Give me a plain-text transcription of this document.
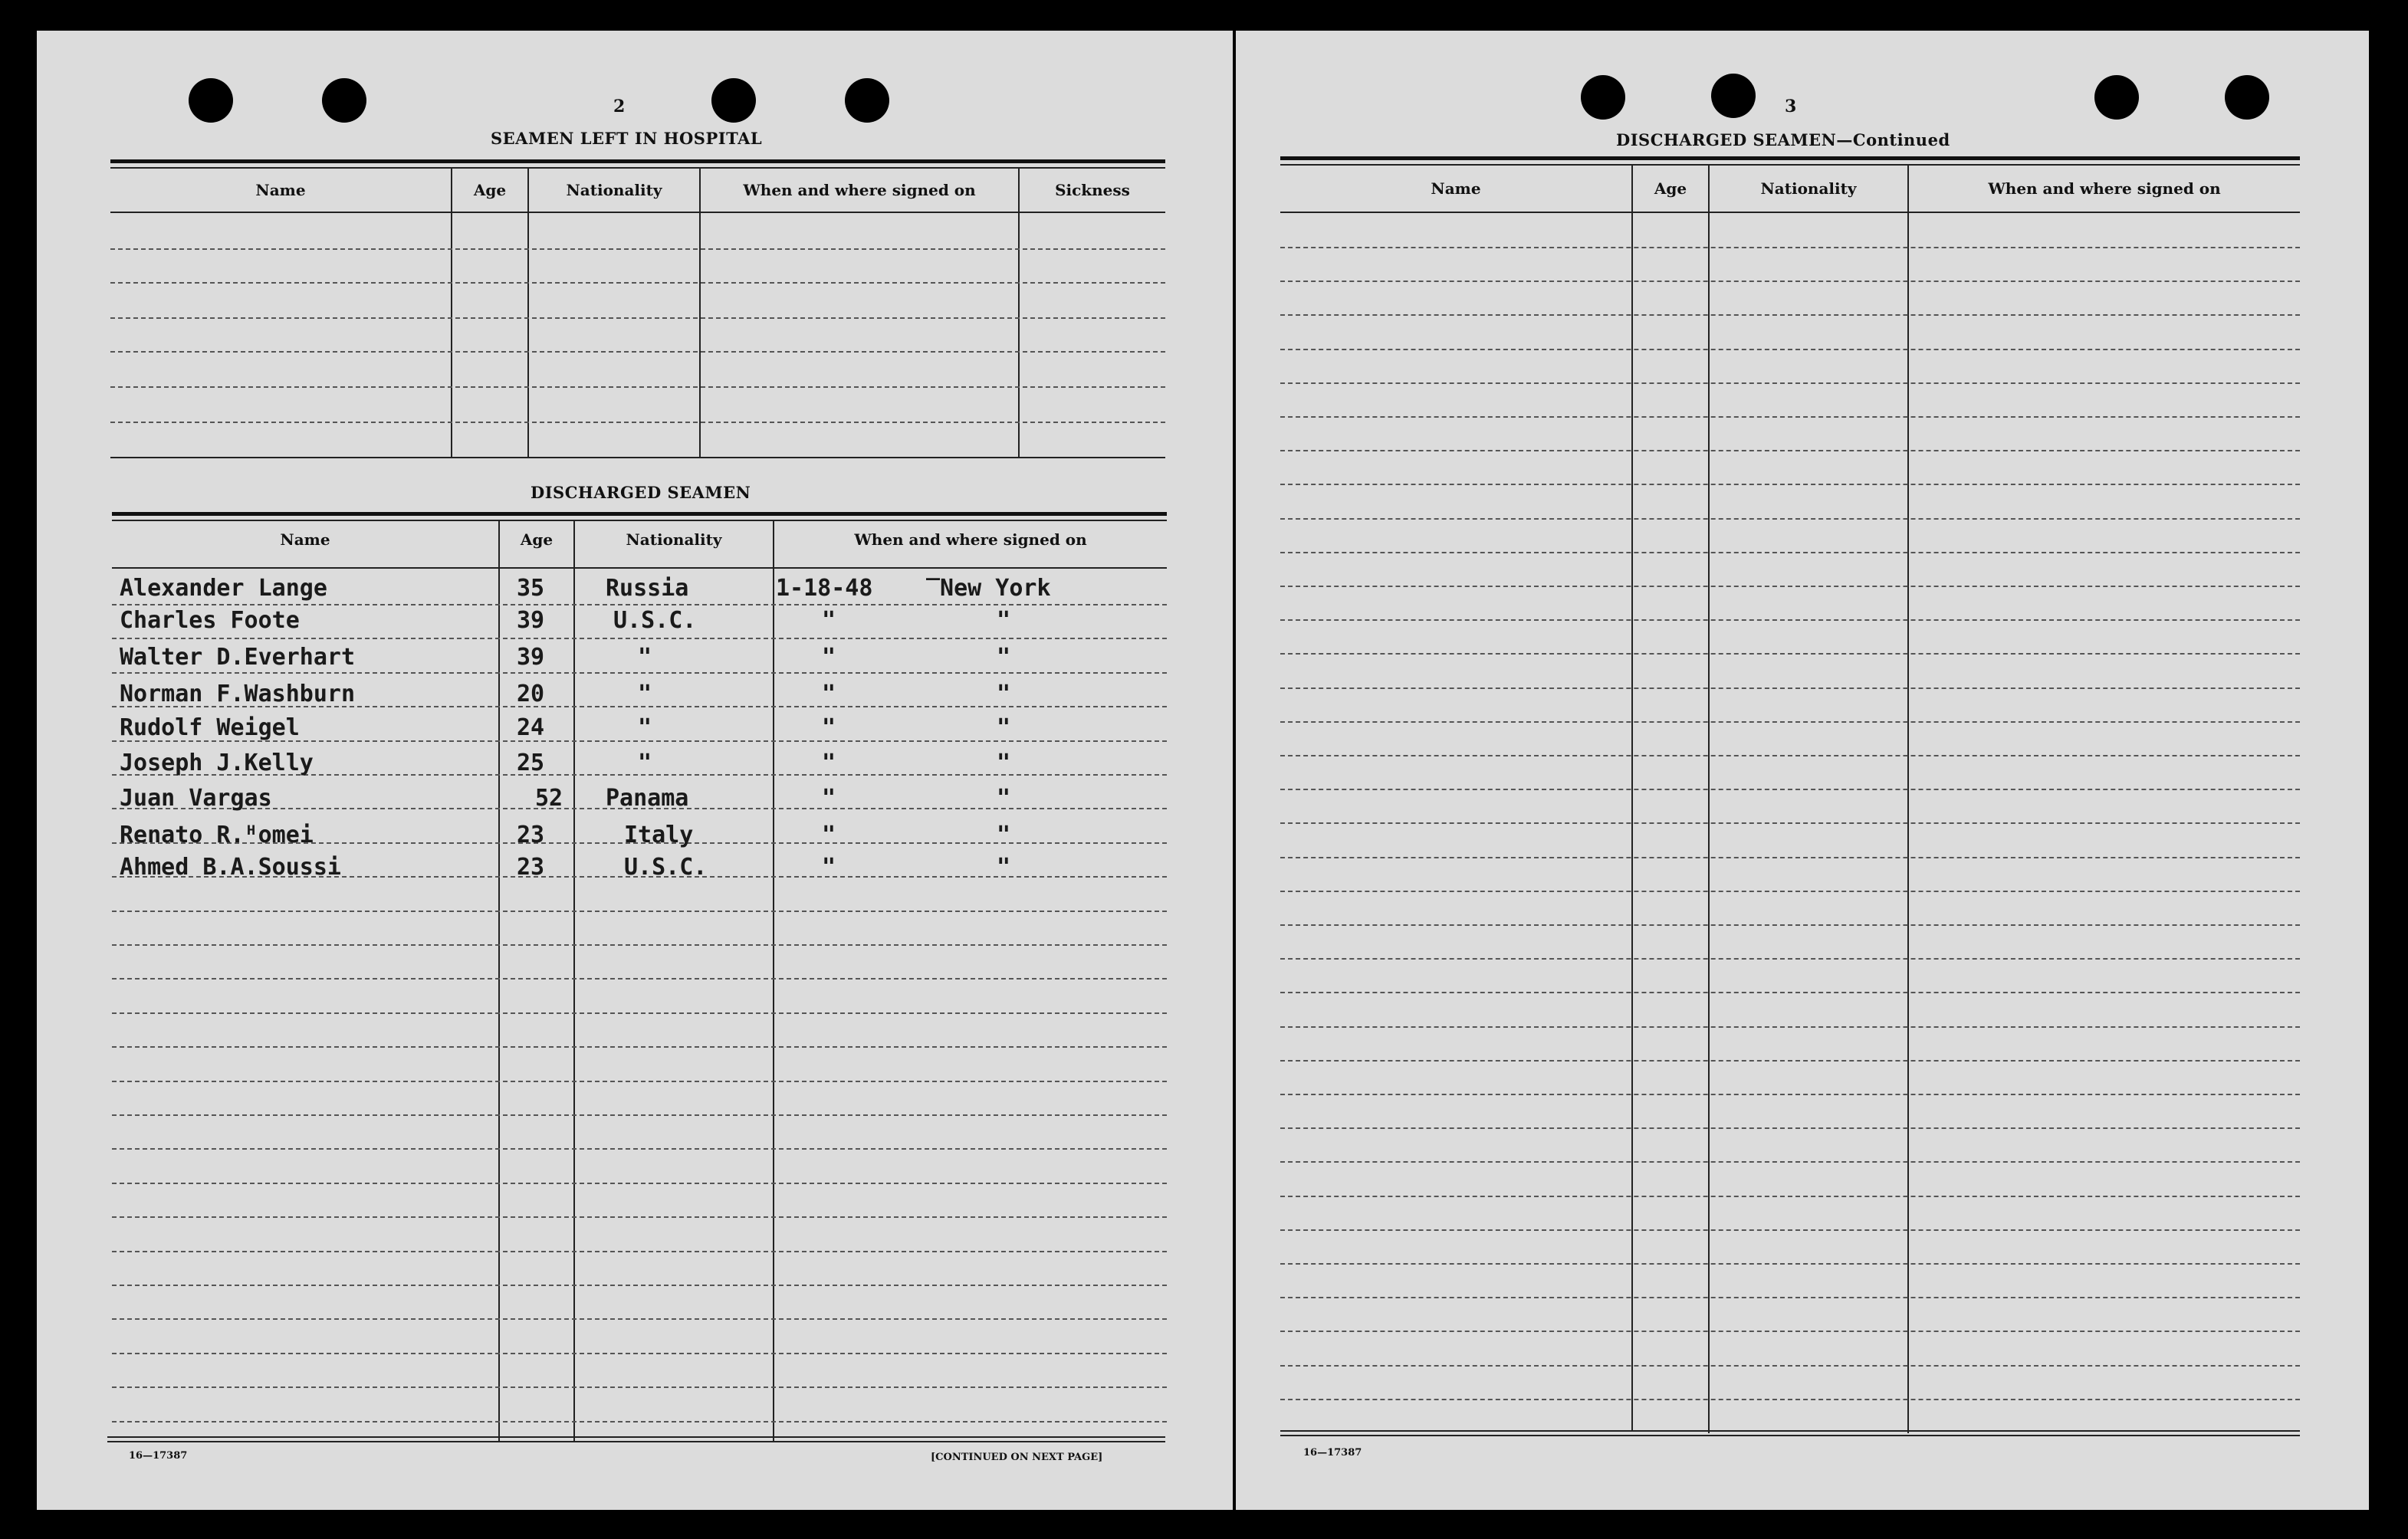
2
SEAMEN LEFT IN HOSPITAL
Name	Age	Nationality	When and where signed on	Sickness
DISCHARGED SEAMEN
Name	Age	Nationality	When and where signed on
Alexander Lange	35	Russia	1-18-48 ̅ New York
Charles Foote	39	U.S.C.	"	"
Walter D.Everhart	39	"	"	"
Norman F.Washburn	20	"	"	"
Rudolf Weigel	24	"	"	"
Joseph J.Kelly	25	"	"	"
Juan Vargas	52 Panama	"	"
Renato R.ᴴomei	23	Italy	"	"
Ahmed B.A.Soussi	23	U.S.C.	"	"
16—17387	[CONTINUED ON NEXT PAGE]
3
DISCHARGED SEAMEN—Continued
Name	Age	Nationality	When and where signed on
16—17387
